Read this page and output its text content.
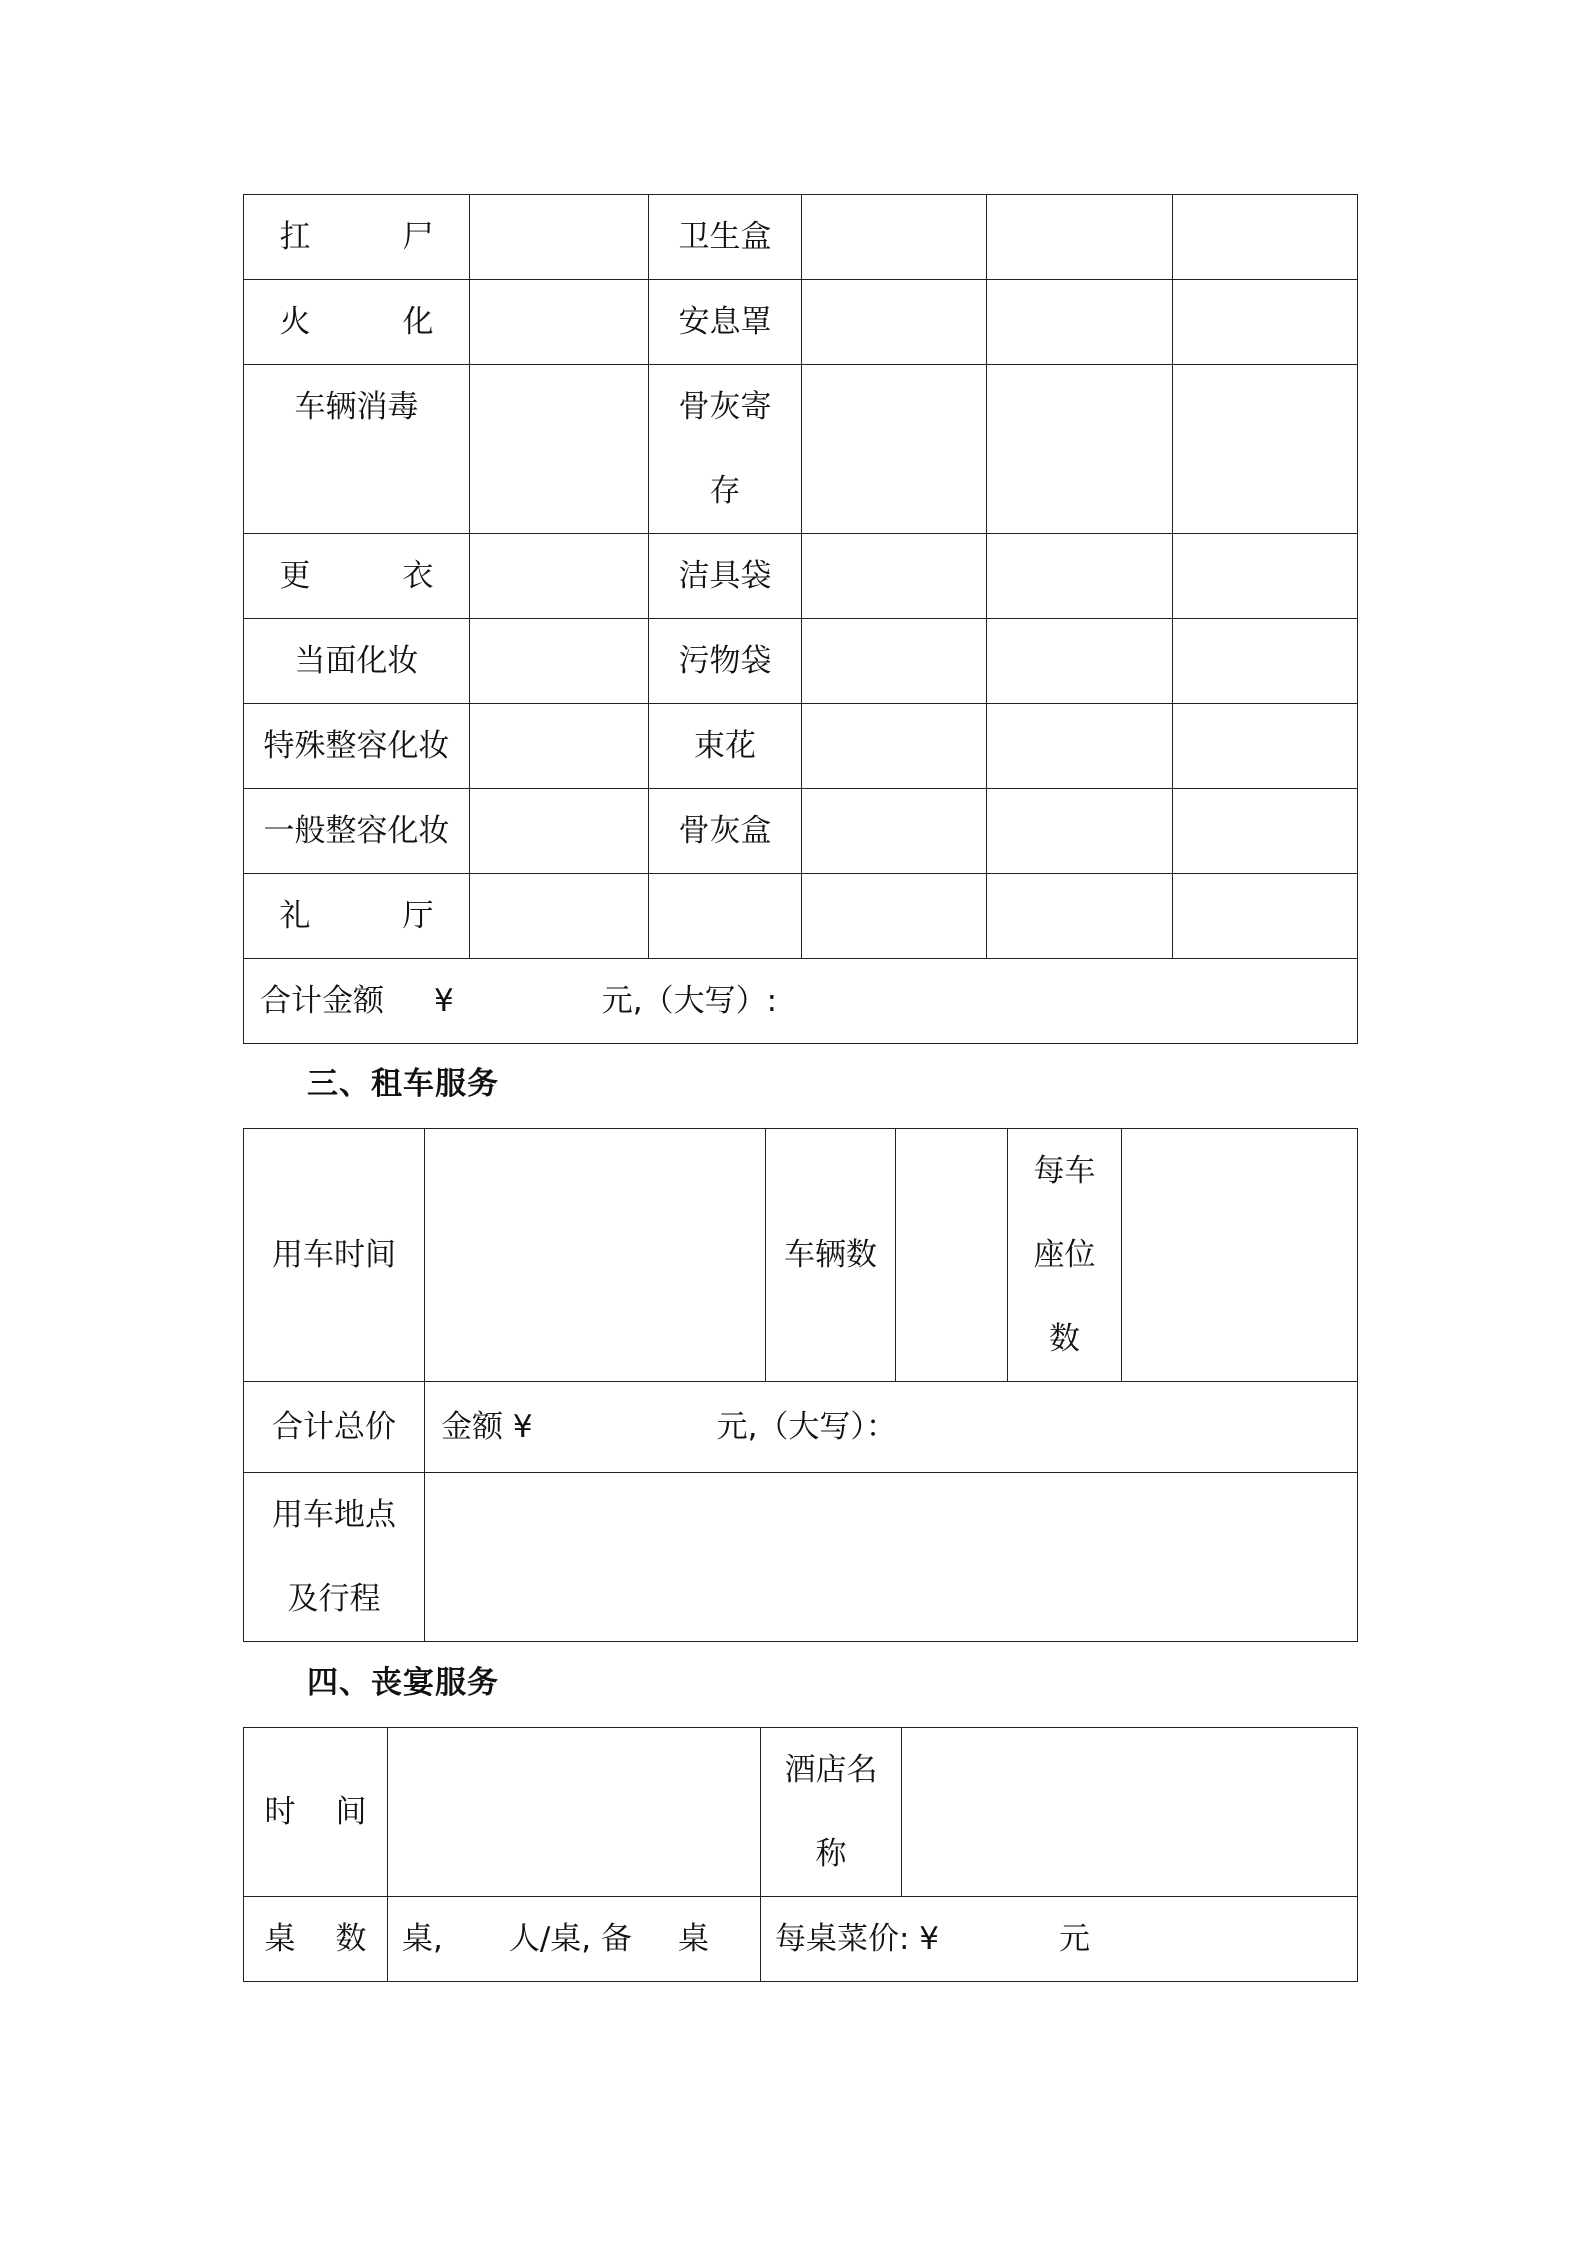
扛 尸		卫生盒			
火 化		安息罩			
车辆消毒		骨灰寄
存			

更 衣		洁具袋			
当面化妆		污物袋			
特殊整容化妆		束花			
一般整容化妆		骨灰盒			
礼 厅					
合计金额 ¥ 元,（大写）:					
三、租车服务
用车时间		车辆数		每车
座位
数	

合计总价	金额 ¥ 元,（大写）：				

用车地点
及行程					

四、丧宴服务
时 间		酒店名
称	

桌 数	桌, 人/桌, 备 桌	每桌菜价: ¥ 元	
